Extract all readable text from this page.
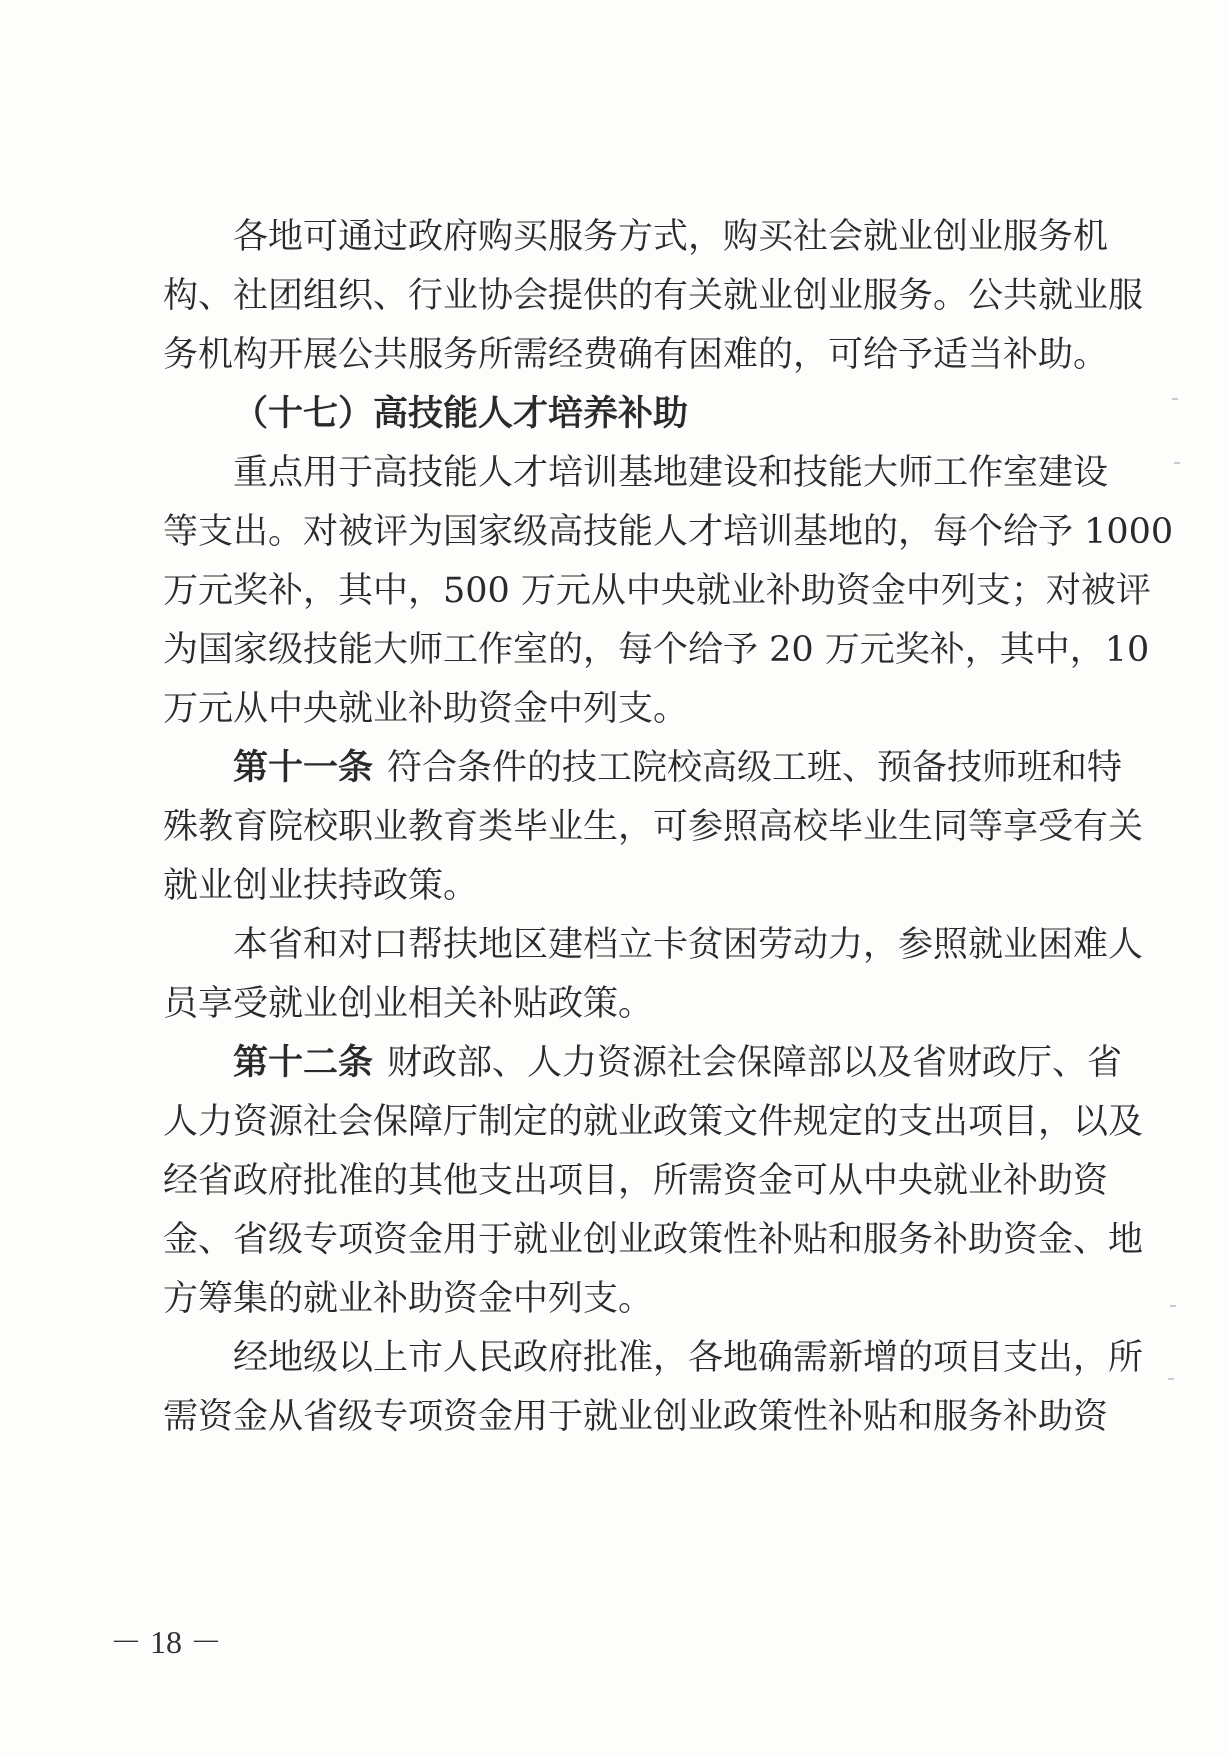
各地可通过政府购买服务方式，购买社会就业创业服务机
构、社团组织、行业协会提供的有关就业创业服务。公共就业服
务机构开展公共服务所需经费确有困难的，可给予适当补助。
（十七）高技能人才培养补助
重点用于高技能人才培训基地建设和技能大师工作室建设
等支出。对被评为国家级高技能人才培训基地的，每个给予 1000
万元奖补，其中，500 万元从中央就业补助资金中列支；对被评
为国家级技能大师工作室的，每个给予 20 万元奖补，其中，10
万元从中央就业补助资金中列支。
第十一条 符合条件的技工院校高级工班、预备技师班和特
殊教育院校职业教育类毕业生，可参照高校毕业生同等享受有关
就业创业扶持政策。
本省和对口帮扶地区建档立卡贫困劳动力，参照就业困难人
员享受就业创业相关补贴政策。
第十二条 财政部、人力资源社会保障部以及省财政厅、省
人力资源社会保障厅制定的就业政策文件规定的支出项目，以及
经省政府批准的其他支出项目，所需资金可从中央就业补助资
金、省级专项资金用于就业创业政策性补贴和服务补助资金、地
方筹集的就业补助资金中列支。
经地级以上市人民政府批准，各地确需新增的项目支出，所
需资金从省级专项资金用于就业创业政策性补贴和服务补助资
－ 18 －
